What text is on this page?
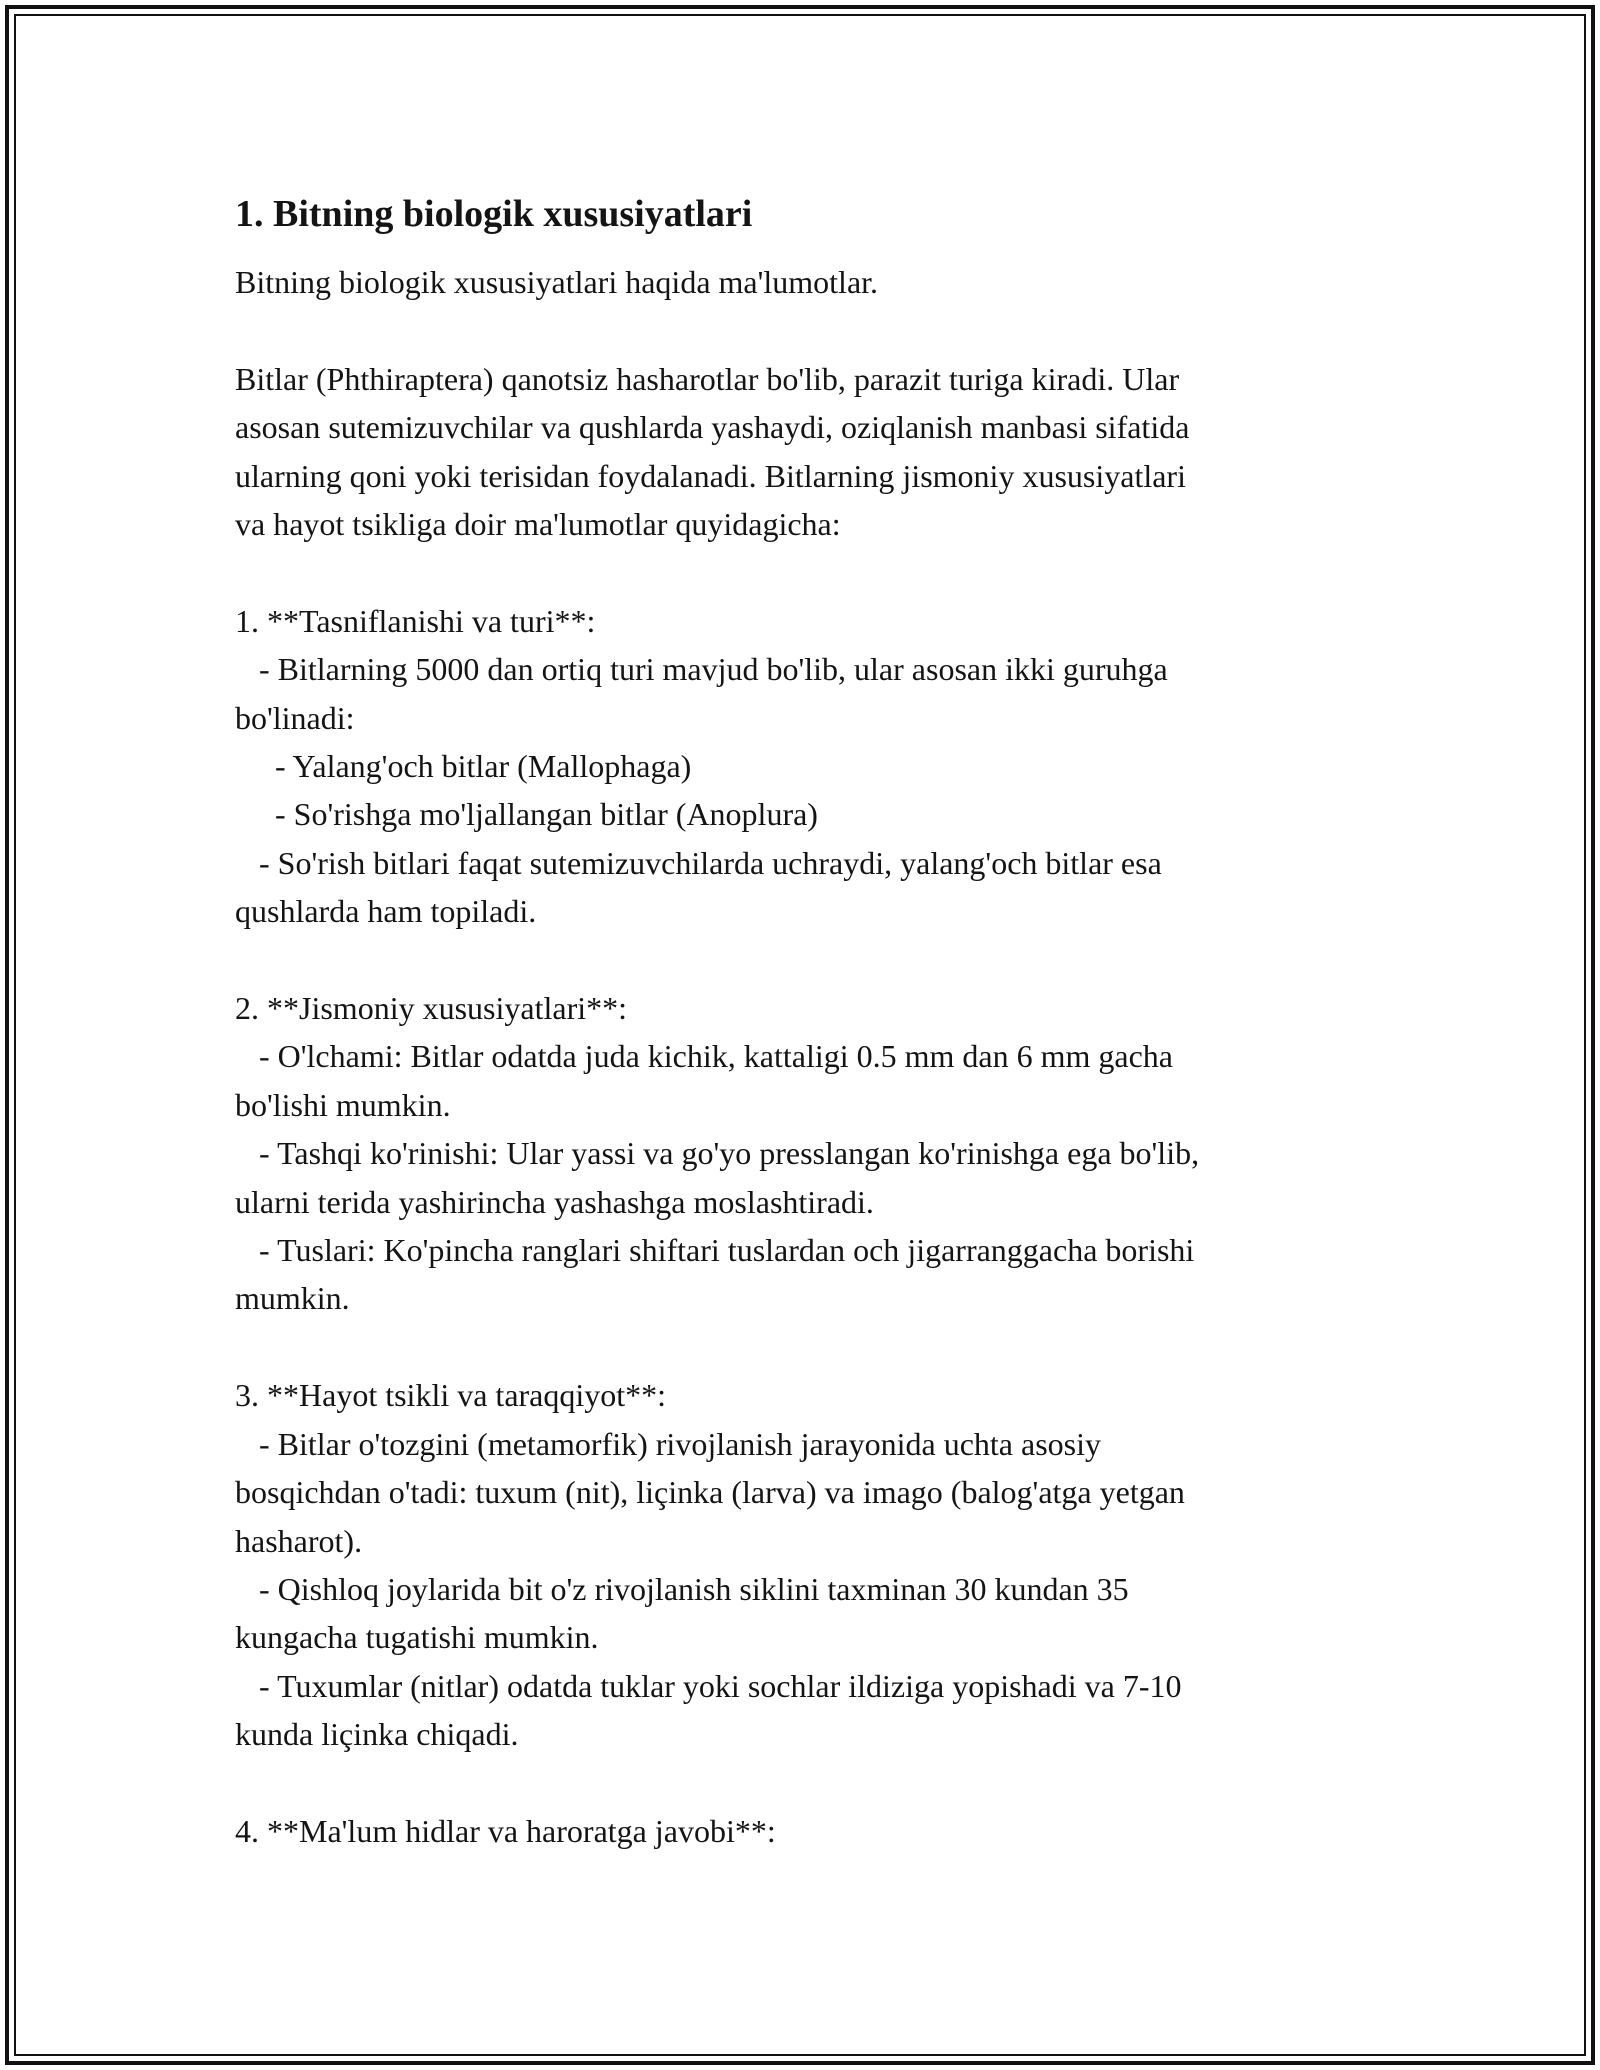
1. Bitning biologik xususiyatlari

Bitning biologik xususiyatlari haqida ma'lumotlar.

Bitlar (Phthiraptera) qanotsiz hasharotlar bo'lib, parazit turiga kiradi. Ular

asosan sutemizuvchilar va qushlarda yashaydi, oziqlanish manbasi sifatida

ularning qoni yoki terisidan foydalanadi. Bitlarning jismoniy xususiyatlari

va hayot tsikliga doir ma'lumotlar quyidagicha:

1. **Tasniflanishi va turi**:

- Bitlarning 5000 dan ortiq turi mavjud bo'lib, ular asosan ikki guruhga

bo'linadi:

- Yalang'och bitlar (Mallophaga)

- So'rishga mo'ljallangan bitlar (Anoplura)

- So'rish bitlari faqat sutemizuvchilarda uchraydi, yalang'och bitlar esa

qushlarda ham topiladi.

2. **Jismoniy xususiyatlari**:

- O'lchami: Bitlar odatda juda kichik, kattaligi 0.5 mm dan 6 mm gacha

bo'lishi mumkin.

- Tashqi ko'rinishi: Ular yassi va go'yo presslangan ko'rinishga ega bo'lib,

ularni terida yashirincha yashashga moslashtiradi.

- Tuslari: Ko'pincha ranglari shiftari tuslardan och jigarranggacha borishi

mumkin.

3. **Hayot tsikli va taraqqiyot**:

- Bitlar o'tozgini (metamorfik) rivojlanish jarayonida uchta asosiy

bosqichdan o'tadi: tuxum (nit), liçinka (larva) va imago (balog'atga yetgan

hasharot).

- Qishloq joylarida bit o'z rivojlanish siklini taxminan 30 kundan 35

kungacha tugatishi mumkin.

- Tuxumlar (nitlar) odatda tuklar yoki sochlar ildiziga yopishadi va 7-10

kunda liçinka chiqadi.

4. **Ma'lum hidlar va haroratga javobi**:
